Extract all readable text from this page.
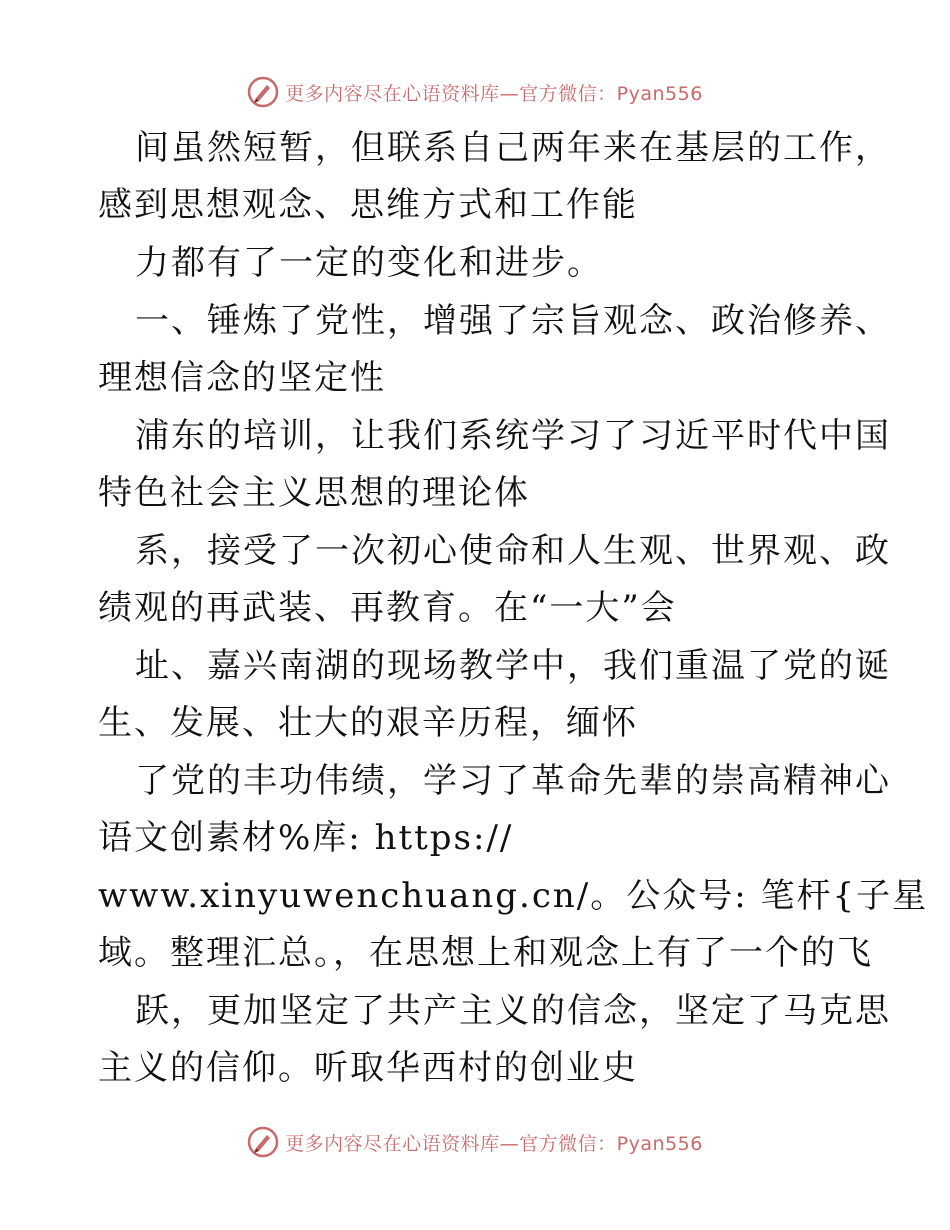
更多内容尽在心语资料库—官方微信：Pyan556
间虽然短暂，但联系自己两年来在基层的工作，
感到思想观念、思维方式和工作能
力都有了一定的变化和进步。
一、锤炼了党性，增强了宗旨观念、政治修养、
理想信念的坚定性
浦东的培训，让我们系统学习了习近平时代中国
特色社会主义思想的理论体
系，接受了一次初心使命和人生观、世界观、政
绩观的再武装、再教育。在“一大”会
址、嘉兴南湖的现场教学中，我们重温了党的诞
生、发展、壮大的艰辛历程，缅怀
了党的丰功伟绩，学习了革命先辈的崇高精神心
语文创素材%库: https://
www.xinyuwenchuang.cn/。公众号: 笔杆{子星
域。整理汇总。，在思想上和观念上有了一个的飞
跃，更加坚定了共产主义的信念，坚定了马克思
主义的信仰。听取华西村的创业史
更多内容尽在心语资料库—官方微信：Pyan556
